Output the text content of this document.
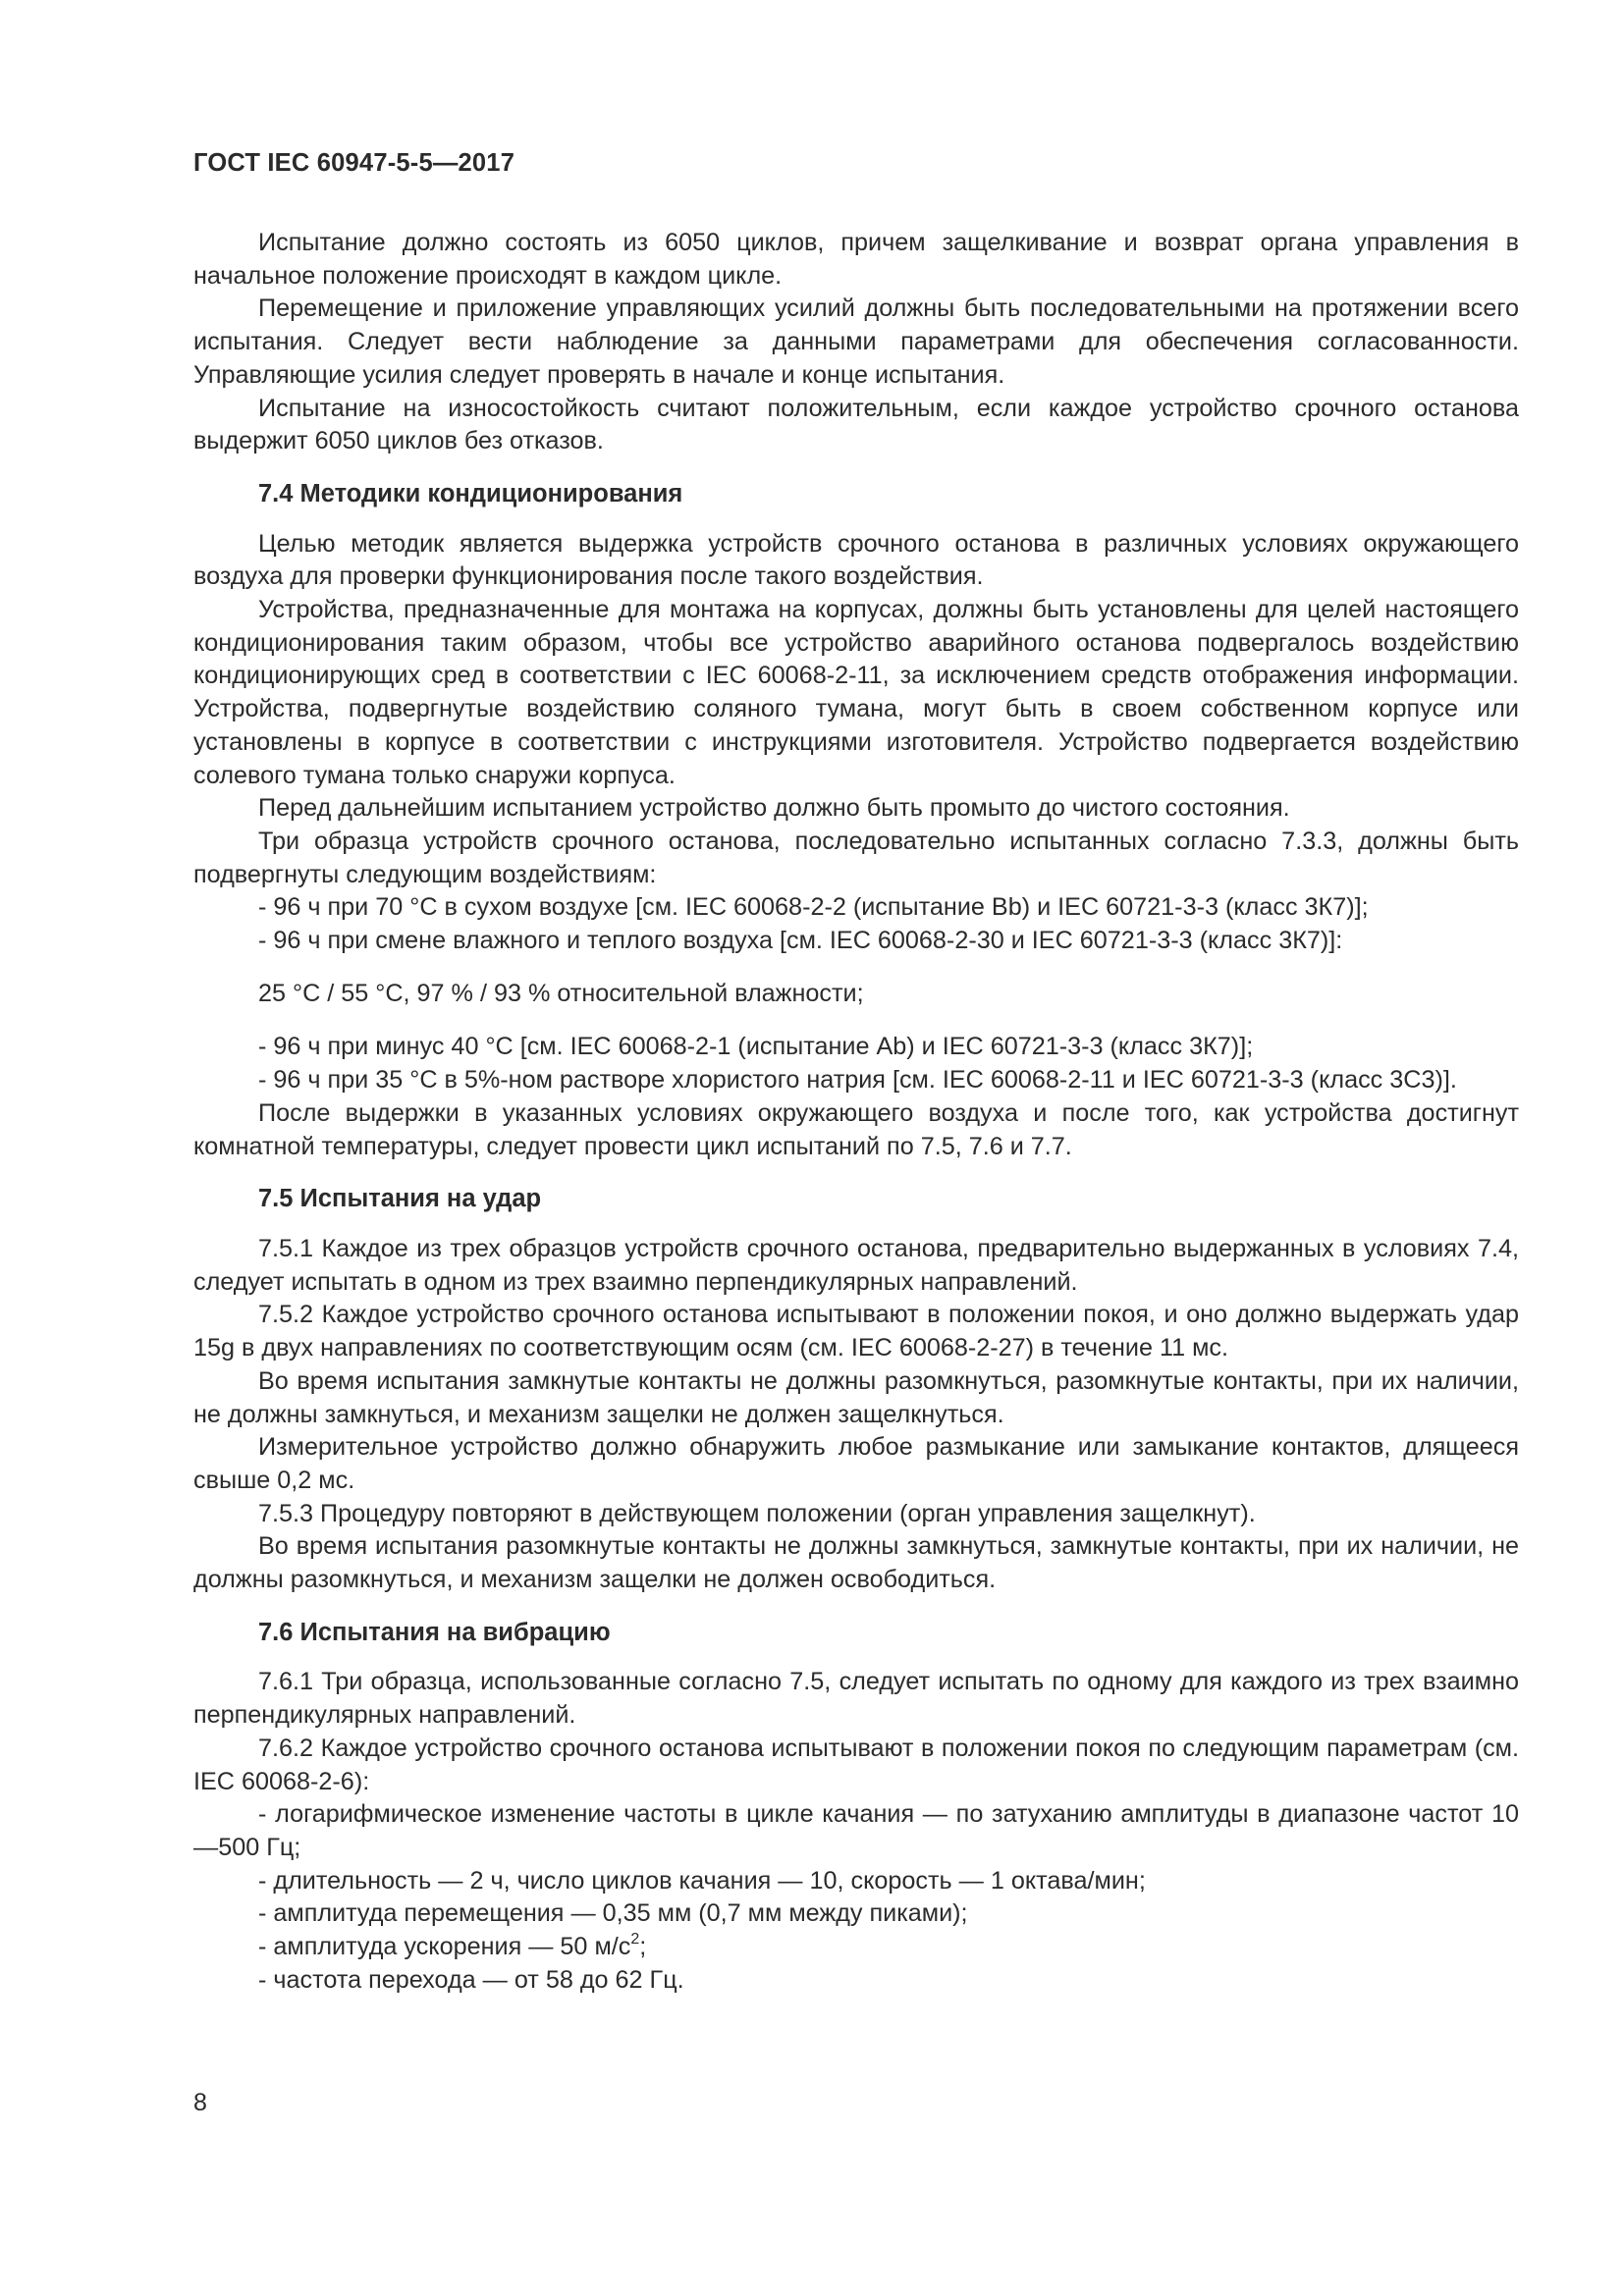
ГОСТ IEC 60947-5-5—2017

Испытание должно состоять из 6050 циклов, причем защелкивание и возврат органа управления в начальное положение происходят в каждом цикле.

Перемещение и приложение управляющих усилий должны быть последовательными на протяжении всего испытания. Следует вести наблюдение за данными параметрами для обеспечения согласованности. Управляющие усилия следует проверять в начале и конце испытания.

Испытание на износостойкость считают положительным, если каждое устройство срочного останова выдержит 6050 циклов без отказов.

7.4 Методики кондиционирования

Целью методик является выдержка устройств срочного останова в различных условиях окружающего воздуха для проверки функционирования после такого воздействия.

Устройства, предназначенные для монтажа на корпусах, должны быть установлены для целей настоящего кондиционирования таким образом, чтобы все устройство аварийного останова подвергалось воздействию кондиционирующих сред в соответствии с IEC 60068-2-11, за исключением средств отображения информации. Устройства, подвергнутые воздействию соляного тумана, могут быть в своем собственном корпусе или установлены в корпусе в соответствии с инструкциями изготовителя. Устройство подвергается воздействию солевого тумана только снаружи корпуса.

Перед дальнейшим испытанием устройство должно быть промыто до чистого состояния.

Три образца устройств срочного останова, последовательно испытанных согласно 7.3.3, должны быть подвергнуты следующим воздействиям:

- 96 ч при 70 °С в сухом воздухе [см. IEC 60068-2-2 (испытание Bb) и IEC 60721-3-3 (класс 3К7)];

- 96 ч при смене влажного и теплого воздуха [см. IEC 60068-2-30 и IEC 60721-3-3 (класс 3К7)]:

25 °С / 55 °С, 97 % / 93 % относительной влажности;

- 96 ч при минус 40 °С [см. IEC 60068-2-1 (испытание Ab) и IEC 60721-3-3 (класс 3К7)];

- 96 ч при 35 °С в 5%-ном растворе хлористого натрия [см. IEC 60068-2-11 и IEC 60721-3-3 (класс 3С3)].

После выдержки в указанных условиях окружающего воздуха и после того, как устройства достигнут комнатной температуры, следует провести цикл испытаний по 7.5, 7.6 и 7.7.

7.5 Испытания на удар

7.5.1 Каждое из трех образцов устройств срочного останова, предварительно выдержанных в условиях 7.4, следует испытать в одном из трех взаимно перпендикулярных направлений.

7.5.2 Каждое устройство срочного останова испытывают в положении покоя, и оно должно выдержать удар 15g в двух направлениях по соответствующим осям (см. IEC 60068-2-27) в течение 11 мс.

Во время испытания замкнутые контакты не должны разомкнуться, разомкнутые контакты, при их наличии, не должны замкнуться, и механизм защелки не должен защелкнуться.

Измерительное устройство должно обнаружить любое размыкание или замыкание контактов, длящееся свыше 0,2 мс.

7.5.3 Процедуру повторяют в действующем положении (орган управления защелкнут).

Во время испытания разомкнутые контакты не должны замкнуться, замкнутые контакты, при их наличии, не должны разомкнуться, и механизм защелки не должен освободиться.

7.6 Испытания на вибрацию

7.6.1 Три образца, использованные согласно 7.5, следует испытать по одному для каждого из трех взаимно перпендикулярных направлений.

7.6.2 Каждое устройство срочного останова испытывают в положении покоя по следующим параметрам (см. IEC 60068-2-6):

- логарифмическое изменение частоты в цикле качания — по затуханию амплитуды в диапазоне частот 10—500 Гц;

- длительность — 2 ч, число циклов качания — 10, скорость — 1 октава/мин;

- амплитуда перемещения — 0,35 мм (0,7 мм между пиками);

- амплитуда ускорения — 50 $м/с^2$;

- частота перехода — от 58 до 62 Гц.

8
